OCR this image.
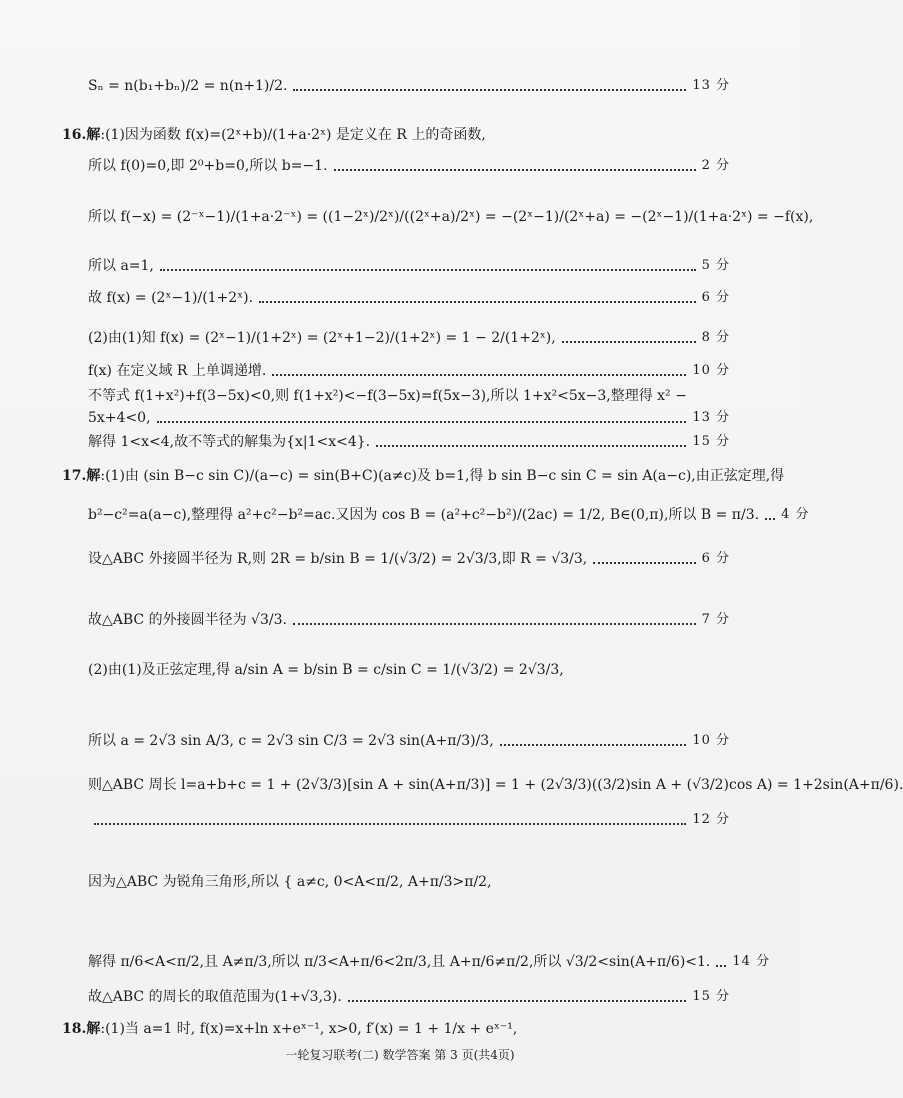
Sₙ = n(b₁+bₙ)/2 = n(n+1)/2.	13 分
16.解:(1)因为函数 f(x)=(2ˣ+b)/(1+a·2ˣ) 是定义在 R 上的奇函数,
所以 f(0)=0,即 2⁰+b=0,所以 b=−1.	2 分
所以 f(−x) = (2⁻ˣ−1)/(1+a·2⁻ˣ) = ((1−2ˣ)/2ˣ)/((2ˣ+a)/2ˣ) = −(2ˣ−1)/(2ˣ+a) = −(2ˣ−1)/(1+a·2ˣ) = −f(x),
所以 a=1,	5 分
故 f(x) = (2ˣ−1)/(1+2ˣ).	6 分
(2)由(1)知 f(x) = (2ˣ−1)/(1+2ˣ) = (2ˣ+1−2)/(1+2ˣ) = 1 − 2/(1+2ˣ),	8 分
f(x) 在定义域 R 上单调递增.	10 分
不等式 f(1+x²)+f(3−5x)<0,则 f(1+x²)<−f(3−5x)=f(5x−3),所以 1+x²<5x−3,整理得 x² −
5x+4<0,	13 分
解得 1<x<4,故不等式的解集为{x|1<x<4}.	15 分
17.解:(1)由 (sin B−c sin C)/(a−c) = sin(B+C)(a≠c)及 b=1,得 b sin B−c sin C = sin A(a−c),由正弦定理,得
b²−c²=a(a−c),整理得 a²+c²−b²=ac.又因为 cos B = (a²+c²−b²)/(2ac) = 1/2, B∈(0,π),所以 B = π/3. 4 分
设△ABC 外接圆半径为 R,则 2R = b/sin B = 1/(√3/2) = 2√3/3,即 R = √3/3,	6 分
故△ABC 的外接圆半径为 √3/3.	7 分
(2)由(1)及正弦定理,得 a/sin A = b/sin B = c/sin C = 1/(√3/2) = 2√3/3,
所以 a = 2√3 sin A/3, c = 2√3 sin C/3 = 2√3 sin(A+π/3)/3,	10 分
则△ABC 周长 l=a+b+c = 1 + (2√3/3)[sin A + sin(A+π/3)] = 1 + (2√3/3)((3/2)sin A + (√3/2)cos A) = 1+2sin(A+π/6).
12 分
因为△ABC 为锐角三角形,所以 { a≠c, 0<A<π/2, A+π/3>π/2,
解得 π/6<A<π/2,且 A≠π/3,所以 π/3<A+π/6<2π/3,且 A+π/6≠π/2,所以 √3/2<sin(A+π/6)<1. 14 分
故△ABC 的周长的取值范围为(1+√3,3).	15 分
18.解:(1)当 a=1 时, f(x)=x+ln x+eˣ⁻¹, x>0, f′(x) = 1 + 1/x + eˣ⁻¹,
一轮复习联考(二) 数学答案 第 3 页(共4页)
